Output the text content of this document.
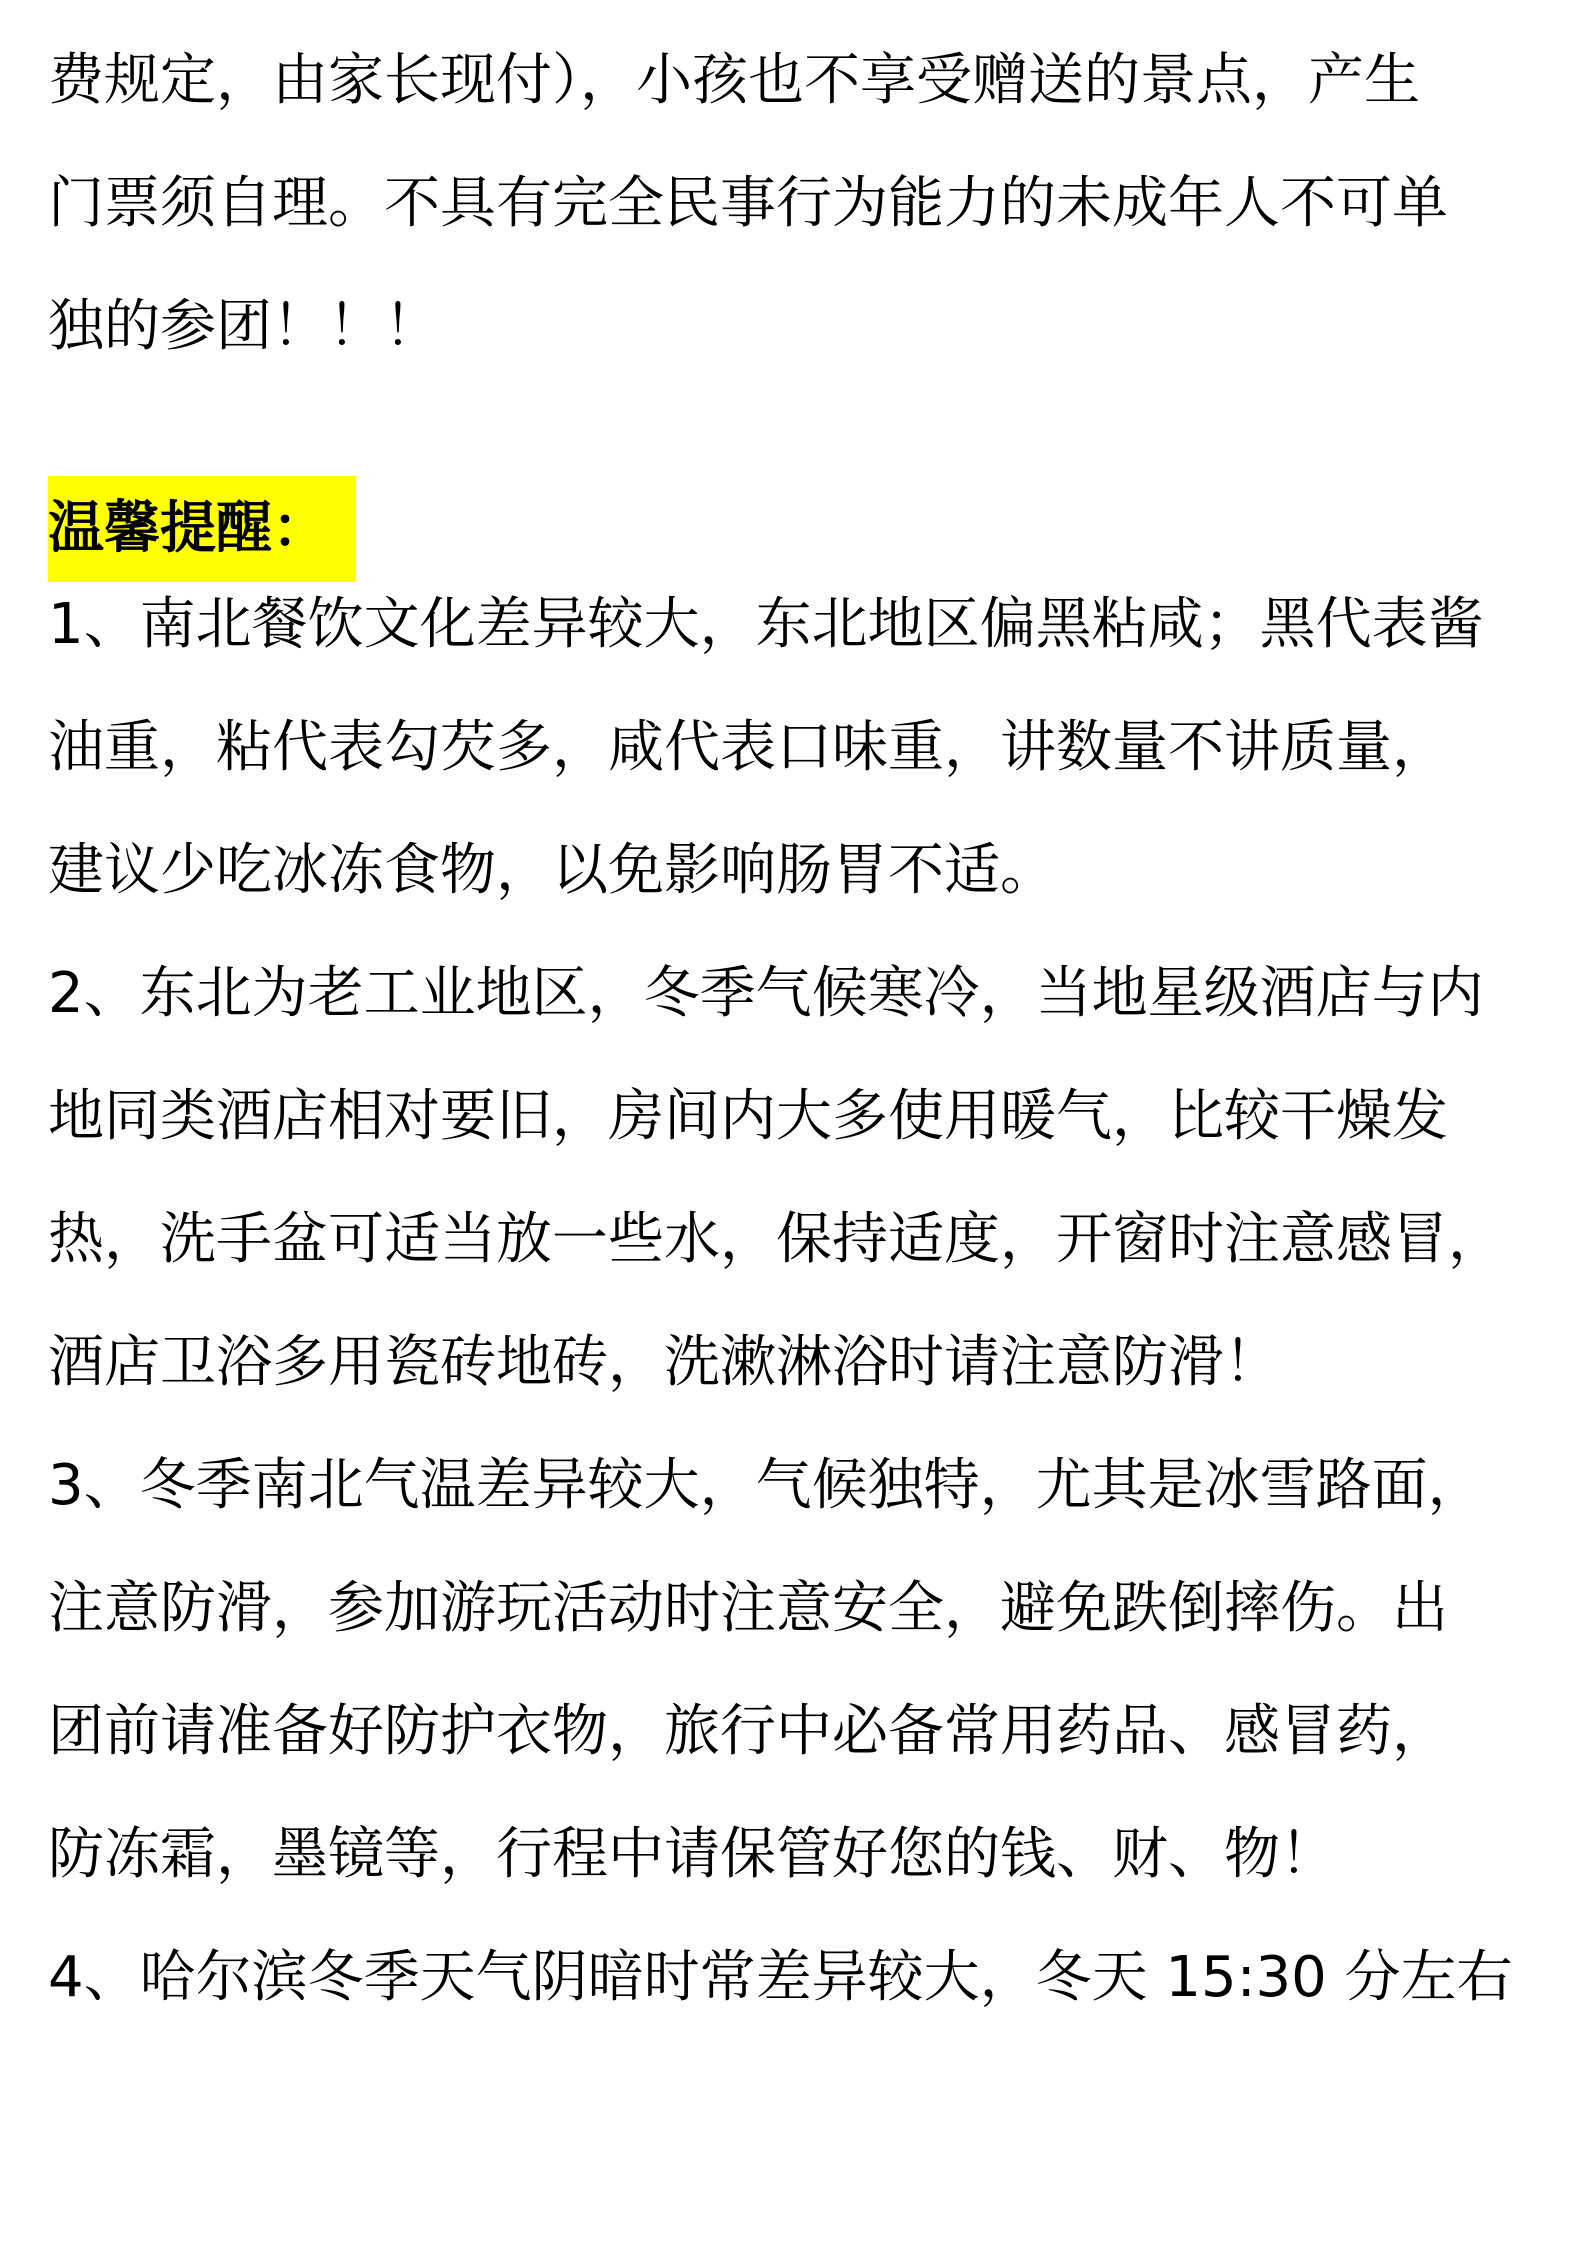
费规定，由家长现付），小孩也不享受赠送的景点，产生
门票须自理。不具有完全民事行为能力的未成年人不可单
独的参团！！！
温馨提醒：
1、南北餐饮文化差异较大，东北地区偏黑粘咸；黑代表酱
油重，粘代表勾芡多，咸代表口味重，讲数量不讲质量，
建议少吃冰冻食物，以免影响肠胃不适。
2、东北为老工业地区，冬季气候寒冷，当地星级酒店与内
地同类酒店相对要旧，房间内大多使用暖气，比较干燥发
热，洗手盆可适当放一些水，保持适度，开窗时注意感冒，
酒店卫浴多用瓷砖地砖，洗漱淋浴时请注意防滑！
3、冬季南北气温差异较大，气候独特，尤其是冰雪路面，
注意防滑，参加游玩活动时注意安全，避免跌倒摔伤。出
团前请准备好防护衣物，旅行中必备常用药品、感冒药，
防冻霜，墨镜等，行程中请保管好您的钱、财、物！
4、哈尔滨冬季天气阴暗时常差异较大，冬天 15:30 分左右
